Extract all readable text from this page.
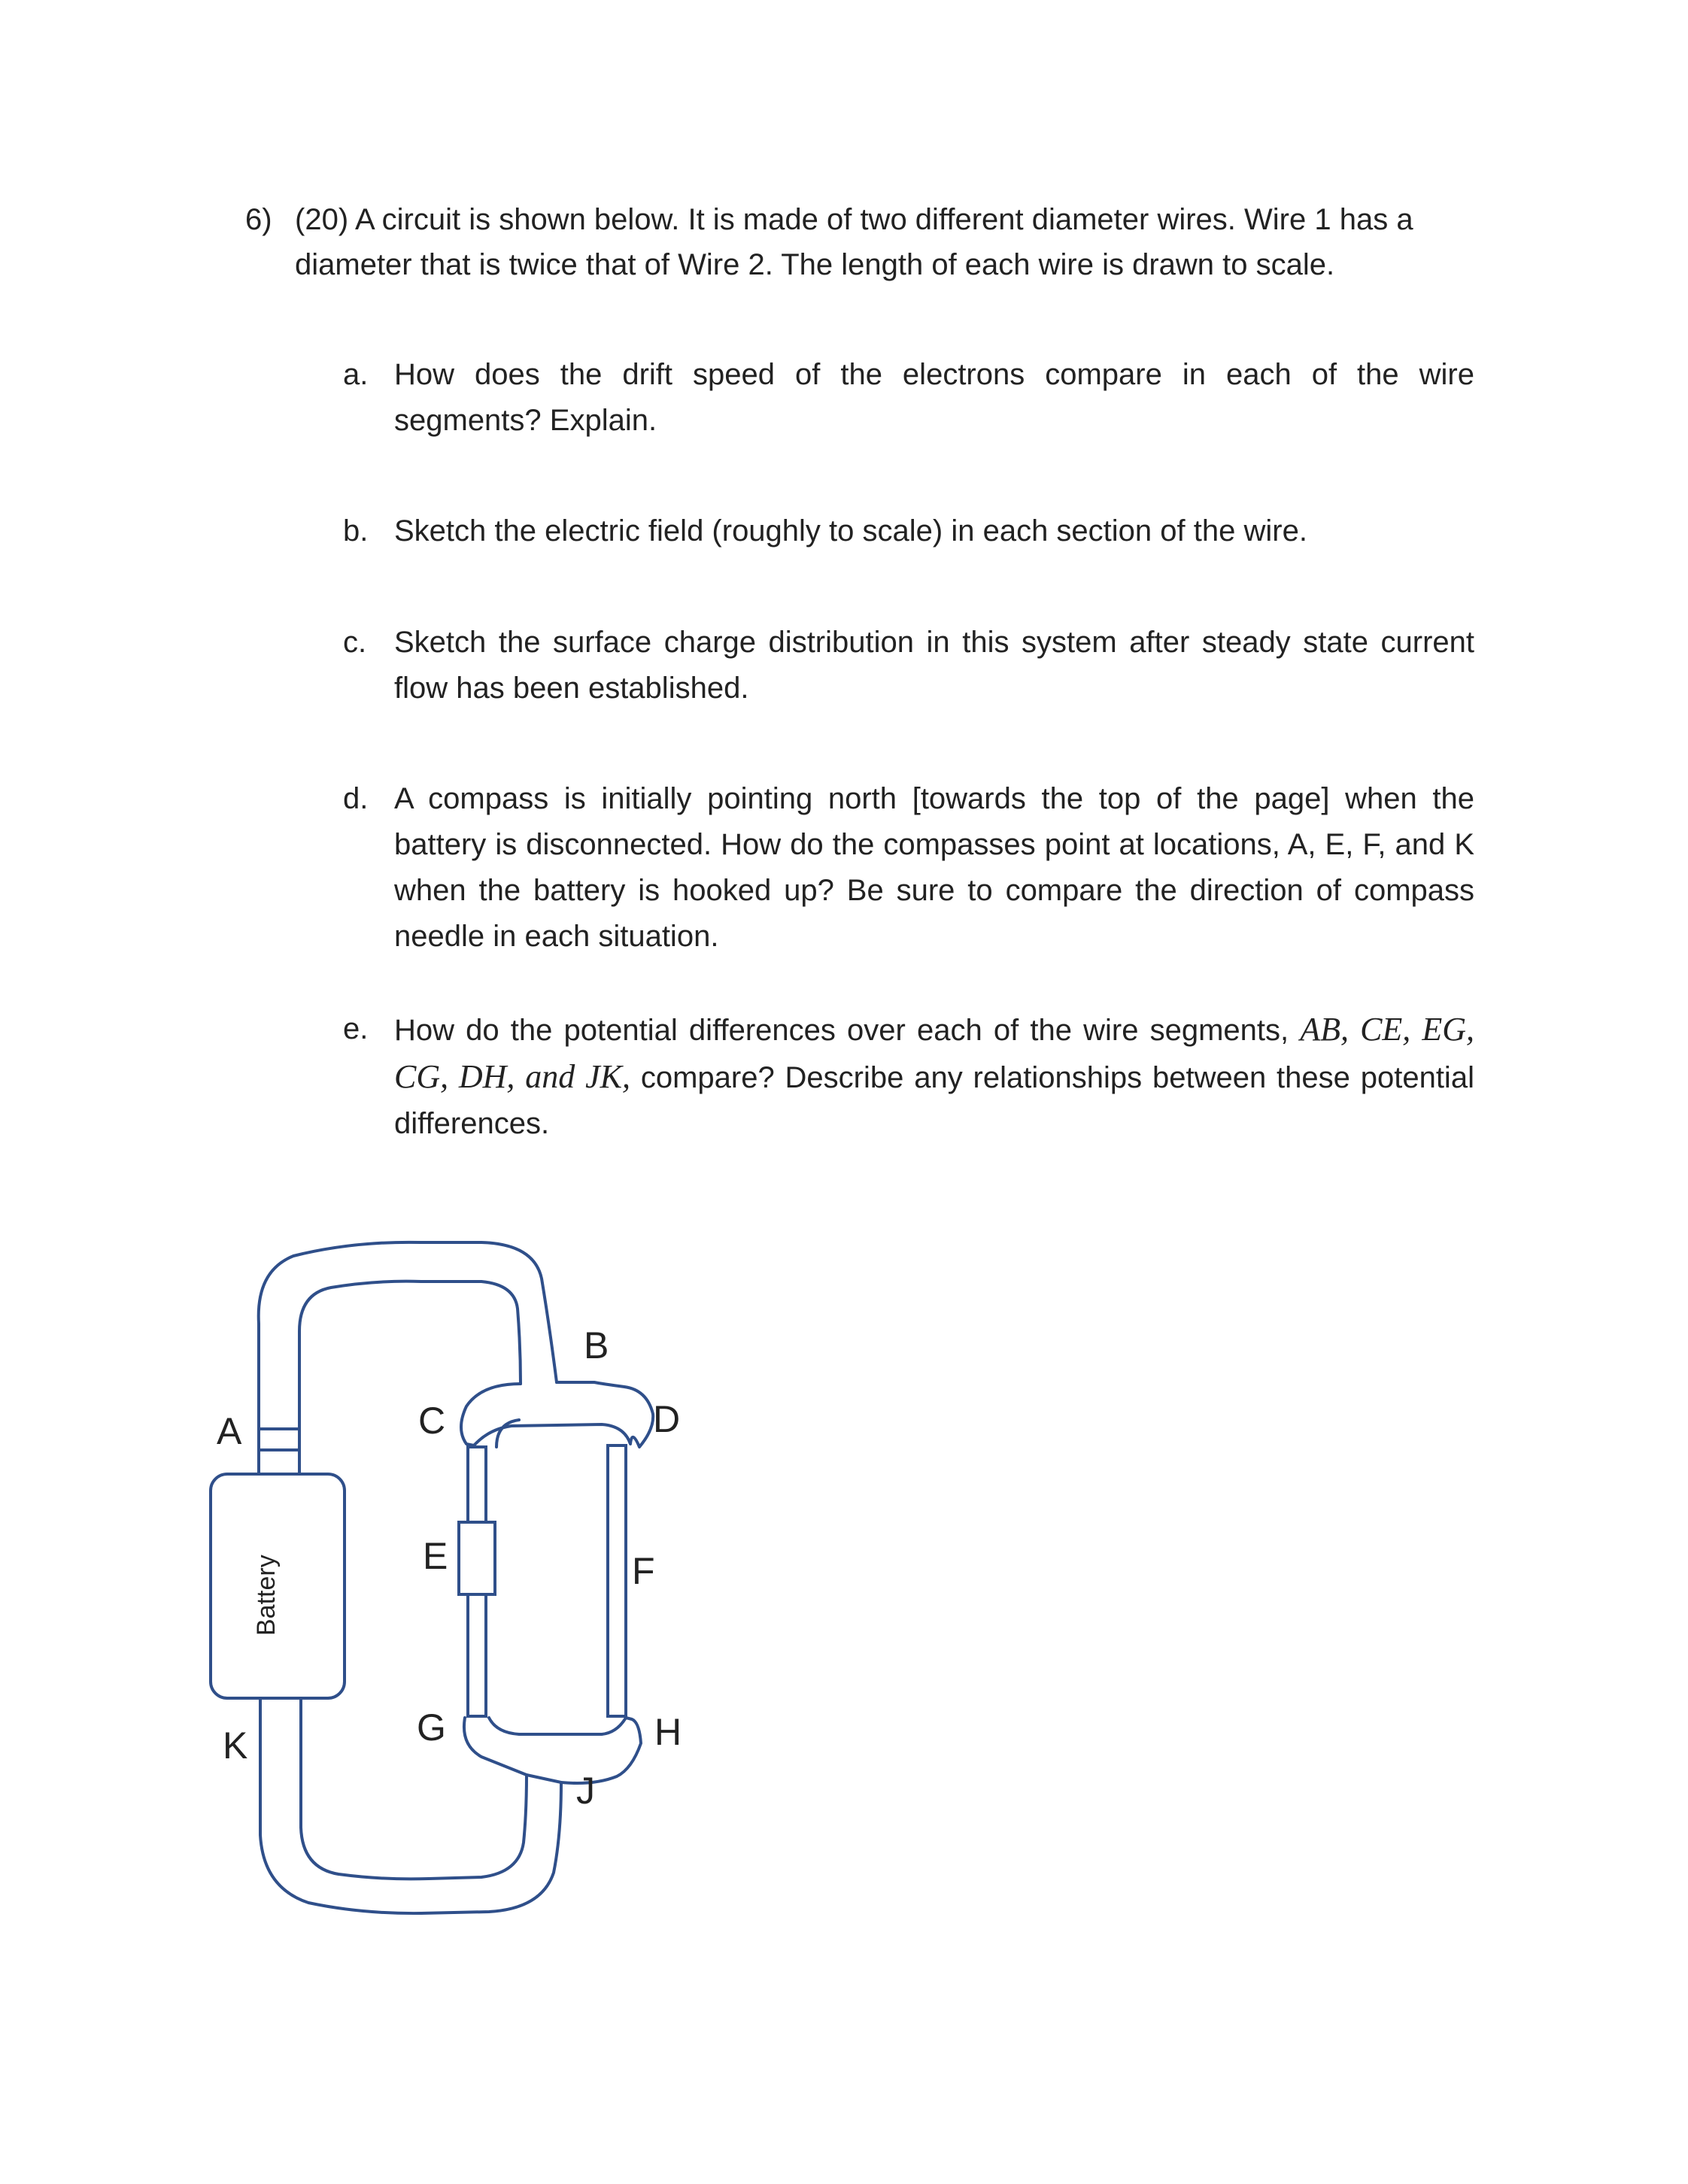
6) (20) A circuit is shown below. It is made of two different diameter wires. Wire 1 has a
diameter that is twice that of Wire 2. The length of each wire is drawn to scale.
a. How does the drift speed of the electrons compare in each of the wire segments? Explain.
b. Sketch the electric field (roughly to scale) in each section of the wire.
c. Sketch the surface charge distribution in this system after steady state current flow has been established.
d. A compass is initially pointing north [towards the top of the page] when the battery is disconnected. How do the compasses point at locations, A, E, F, and K when the battery is hooked up? Be sure to compare the direction of compass needle in each situation.
e. How do the potential differences over each of the wire segments, AB, CE, EG, CG, DH, and JK, compare? Describe any relationships between these potential differences.
Battery
A
B
C	D
E	F
G	H
J
K
